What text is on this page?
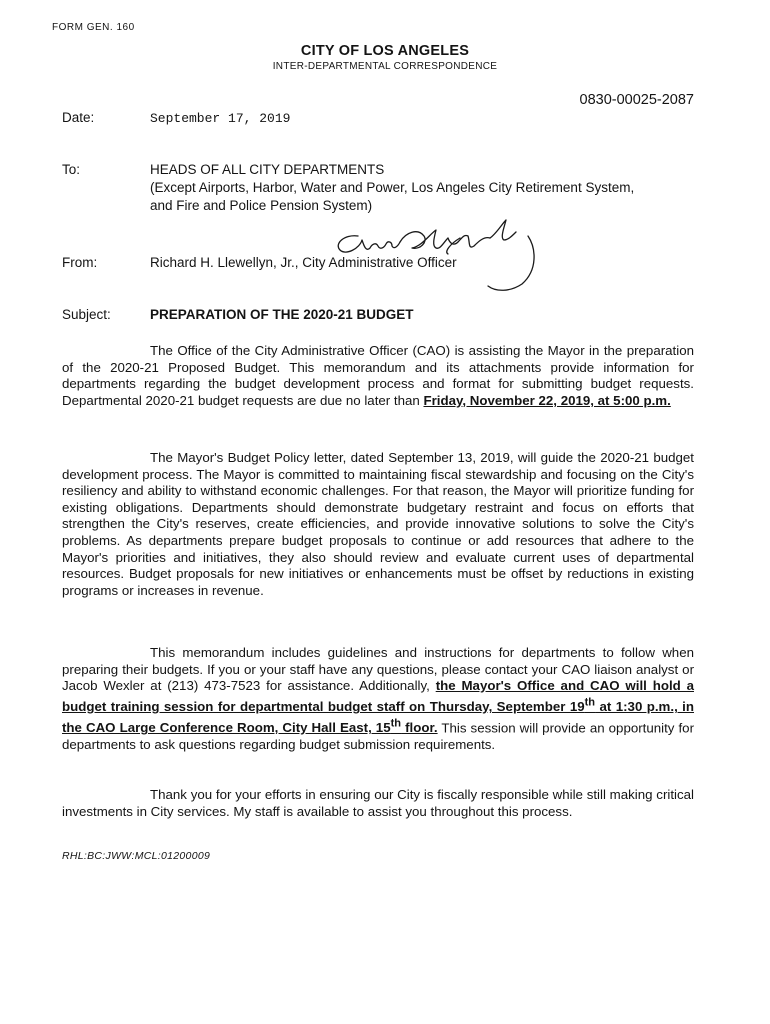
FORM GEN. 160
CITY OF LOS ANGELES
INTER-DEPARTMENTAL CORRESPONDENCE
0830-00025-2087
Date:	September 17, 2019
To:	HEADS OF ALL CITY DEPARTMENTS
(Except Airports, Harbor, Water and Power, Los Angeles City Retirement System,
and Fire and Police Pension System)
From:	Richard H. Llewellyn, Jr., City Administrative Officer
Subject:	PREPARATION OF THE 2020-21 BUDGET

The Office of the City Administrative Officer (CAO) is assisting the Mayor in the preparation of the 2020-21 Proposed Budget. This memorandum and its attachments provide information for departments regarding the budget development process and format for submitting budget requests. Departmental 2020-21 budget requests are due no later than Friday, November 22, 2019, at 5:00 p.m.

The Mayor's Budget Policy letter, dated September 13, 2019, will guide the 2020-21 budget development process. The Mayor is committed to maintaining fiscal stewardship and focusing on the City's resiliency and ability to withstand economic challenges. For that reason, the Mayor will prioritize funding for existing obligations. Departments should demonstrate budgetary restraint and focus on efforts that strengthen the City's reserves, create efficiencies, and provide innovative solutions to solve the City's problems. As departments prepare budget proposals to continue or add resources that adhere to the Mayor's priorities and initiatives, they also should review and evaluate current uses of departmental resources. Budget proposals for new initiatives or enhancements must be offset by reductions in existing programs or increases in revenue.

This memorandum includes guidelines and instructions for departments to follow when preparing their budgets. If you or your staff have any questions, please contact your CAO liaison analyst or Jacob Wexler at (213) 473-7523 for assistance. Additionally, the Mayor's Office and CAO will hold a budget training session for departmental budget staff on Thursday, September 19th at 1:30 p.m., in the CAO Large Conference Room, City Hall East, 15th floor. This session will provide an opportunity for departments to ask questions regarding budget submission requirements.

Thank you for your efforts in ensuring our City is fiscally responsible while still making critical investments in City services. My staff is available to assist you throughout this process.

RHL:BC:JWW:MCL:01200009
